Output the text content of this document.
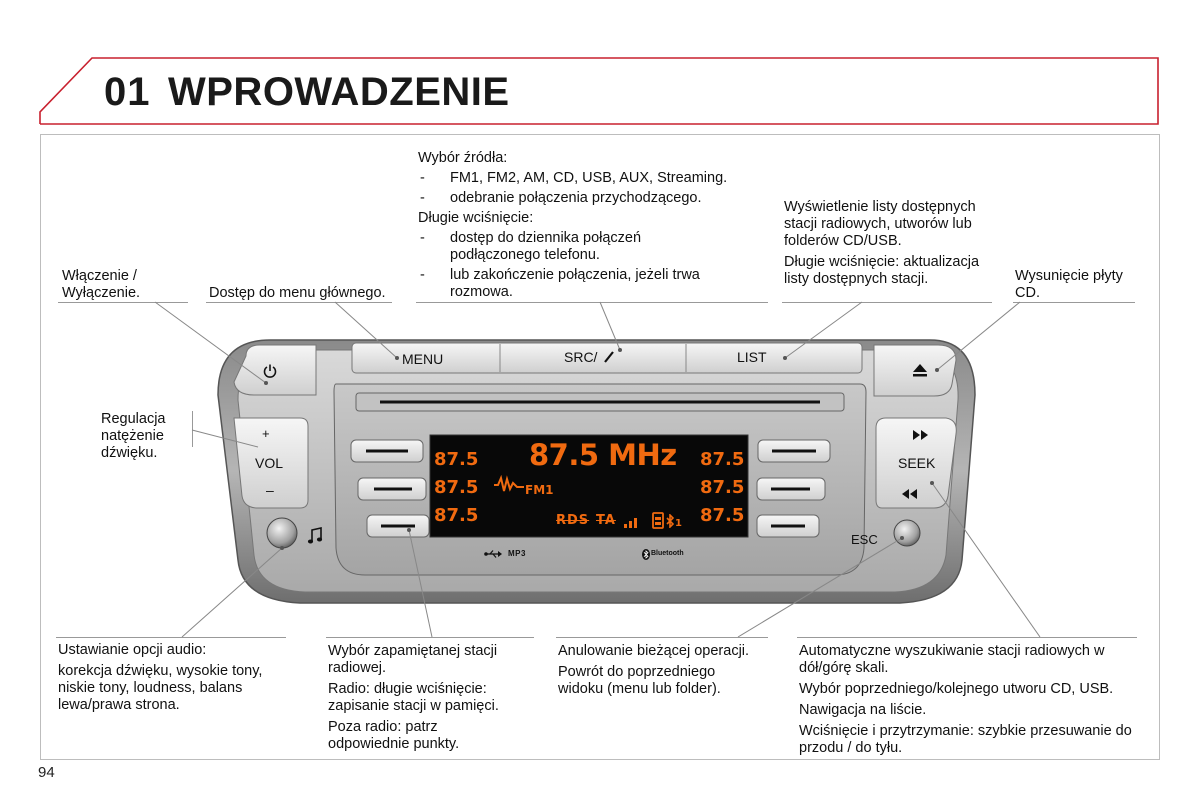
01 WPROWADZENIE
Włączenie / Wyłączenie.	Dostęp do menu głównego.
Wybór źródła:
- FM1, FM2, AM, CD, USB, AUX, Streaming.
- odebranie połączenia przychodzącego.
Długie wciśnięcie:
- dostęp do dziennika połączeń podłączonego telefonu.
- lub zakończenie połączenia, jeżeli trwa rozmowa.
Wyświetlenie listy dostępnych stacji radiowych, utworów lub folderów CD/USB.
Długie wciśnięcie: aktualizacja listy dostępnych stacji.	Wysunięcie płyty CD.
Regulacja natężenie dźwięku.
Ustawianie opcji audio:
korekcja dźwięku, wysokie tony, niskie tony, loudness, balans lewa/prawa strona.
Wybór zapamiętanej stacji radiowej.
Radio: długie wciśnięcie: zapisanie stacji w pamięci.
Poza radio: patrz odpowiednie punkty.
Anulowanie bieżącej operacji.
Powrót do poprzedniego widoku (menu lub folder).
Automatyczne wyszukiwanie stacji radiowych w dół/górę skali.
Wybór poprzedniego/kolejnego utworu CD, USB.
Nawigacja na liście.
Wciśnięcie i przytrzymanie: szybkie przesuwanie do przodu / do tyłu.
MENU	SRC/	LIST
+
VOL
–
SEEK
ESC
MP3	Bluetooth
87.5 MHz
87.5
87.5
87.5
87.5
87.5
87.5
FM1
RDS TA	1
94
